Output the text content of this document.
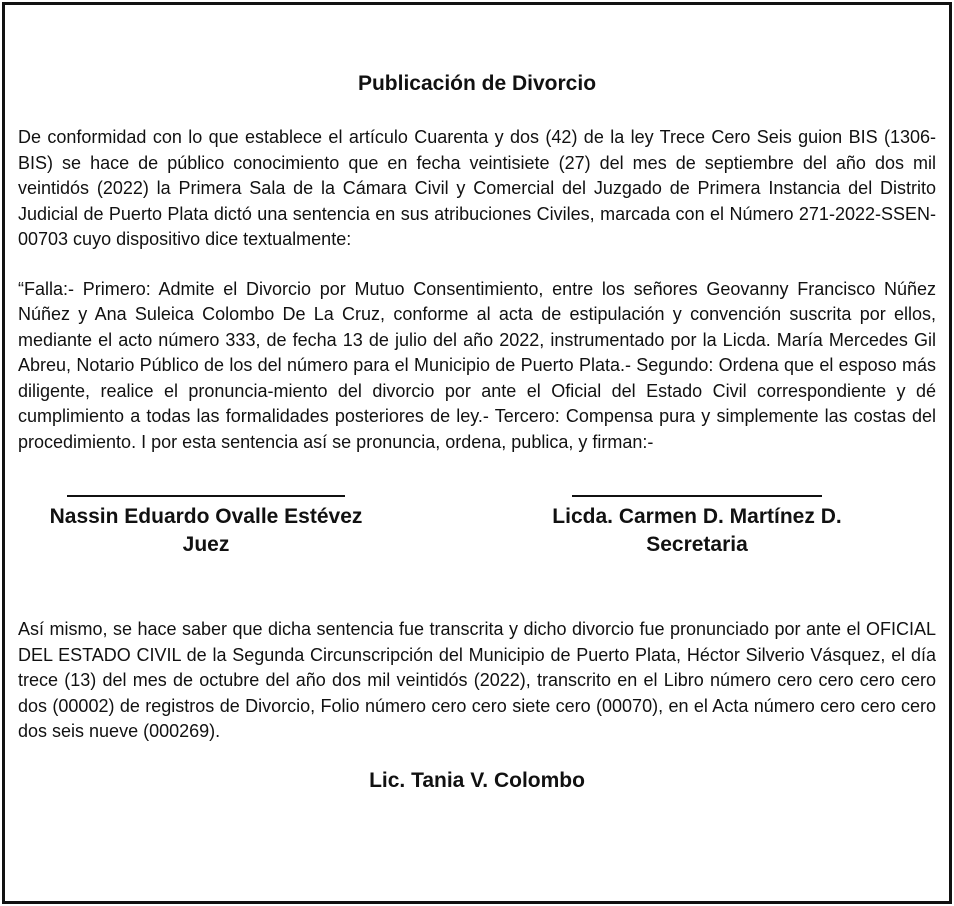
Publicación de Divorcio

De conformidad con lo que establece el artículo Cuarenta y dos (42) de la ley Trece Cero Seis guion BIS (1306-BIS) se hace de público conocimiento que en fecha veintisiete (27) del mes de septiembre del año dos mil veintidós (2022) la Primera Sala de la Cámara Civil y Comercial del Juzgado de Primera Instancia del Distrito Judicial de Puerto Plata dictó una sentencia en sus atribuciones Civiles, marcada con el Número 271-2022-SSEN-00703 cuyo dispositivo dice textualmente:

“Falla:- Primero: Admite el Divorcio por Mutuo Consentimiento, entre los señores Geovanny Francisco Núñez Núñez y Ana Suleica Colombo De La Cruz, conforme al acta de estipulación y convención suscrita por ellos, mediante el acto número 333, de fecha 13 de julio del año 2022, instrumentado por la Licda. María Mercedes Gil Abreu, Notario Público de los del número para el Municipio de Puerto Plata.- Segundo: Ordena que el esposo más diligente, realice el pronuncia-miento del divorcio por ante el Oficial del Estado Civil correspondiente y dé cumplimiento a todas las formalidades posteriores de ley.- Tercero: Compensa pura y simplemente las costas del procedimiento. I por esta sentencia así se pronuncia, ordena, publica, y firman:-

Nassin Eduardo Ovalle Estévez
Juez
Licda. Carmen D. Martínez D.
Secretaria

Así mismo, se hace saber que dicha sentencia fue transcrita y dicho divorcio fue pronunciado por ante el OFICIAL DEL ESTADO CIVIL de la Segunda Circunscripción del Municipio de Puerto Plata, Héctor Silverio Vásquez, el día trece (13) del mes de octubre del año dos mil veintidós (2022), transcrito en el Libro número cero cero cero cero dos (00002) de registros de Divorcio, Folio número cero cero siete cero (00070), en el Acta número cero cero cero dos seis nueve (000269).

Lic. Tania V. Colombo
